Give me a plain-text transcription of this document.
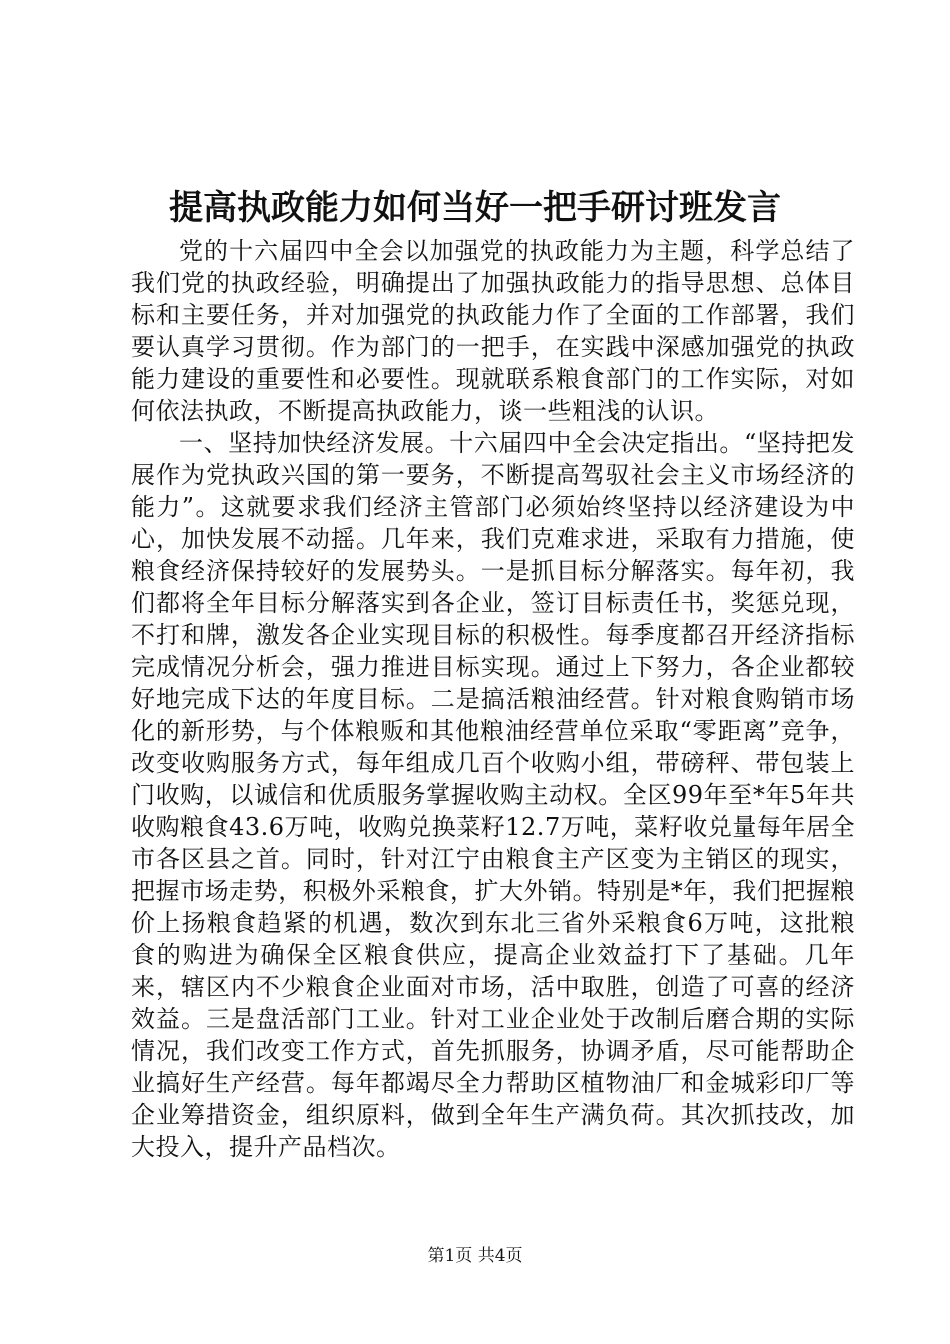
提高执政能力如何当好一把手研讨班发言

党的十六届四中全会以加强党的执政能力为主题，科学总结了我们党的执政经验，明确提出了加强执政能力的指导思想、总体目标和主要任务，并对加强党的执政能力作了全面的工作部署，我们要认真学习贯彻。作为部门的一把手，在实践中深感加强党的执政能力建设的重要性和必要性。现就联系粮食部门的工作实际，对如何依法执政，不断提高执政能力，谈一些粗浅的认识。

一、坚持加快经济发展。十六届四中全会决定指出。“坚持把发展作为党执政兴国的第一要务，不断提高驾驭社会主义市场经济的能力”。这就要求我们经济主管部门必须始终坚持以经济建设为中心，加快发展不动摇。几年来，我们克难求进，采取有力措施，使粮食经济保持较好的发展势头。一是抓目标分解落实。每年初，我们都将全年目标分解落实到各企业，签订目标责任书，奖惩兑现，不打和牌，激发各企业实现目标的积极性。每季度都召开经济指标完成情况分析会，强力推进目标实现。通过上下努力，各企业都较好地完成下达的年度目标。二是搞活粮油经营。针对粮食购销市场化的新形势，与个体粮贩和其他粮油经营单位采取“零距离”竞争，改变收购服务方式，每年组成几百个收购小组，带磅秤、带包装上门收购，以诚信和优质服务掌握收购主动权。全区99年至*年5年共收购粮食43.6万吨，收购兑换菜籽12.7万吨，菜籽收兑量每年居全市各区县之首。同时，针对江宁由粮食主产区变为主销区的现实，把握市场走势，积极外采粮食，扩大外销。特别是*年，我们把握粮价上扬粮食趋紧的机遇，数次到东北三省外采粮食6万吨，这批粮食的购进为确保全区粮食供应，提高企业效益打下了基础。几年来，辖区内不少粮食企业面对市场，活中取胜，创造了可喜的经济效益。三是盘活部门工业。针对工业企业处于改制后磨合期的实际情况，我们改变工作方式，首先抓服务，协调矛盾，尽可能帮助企业搞好生产经营。每年都竭尽全力帮助区植物油厂和金城彩印厂等企业筹措资金，组织原料，做到全年生产满负荷。其次抓技改，加大投入，提升产品档次。

第1页 共4页
